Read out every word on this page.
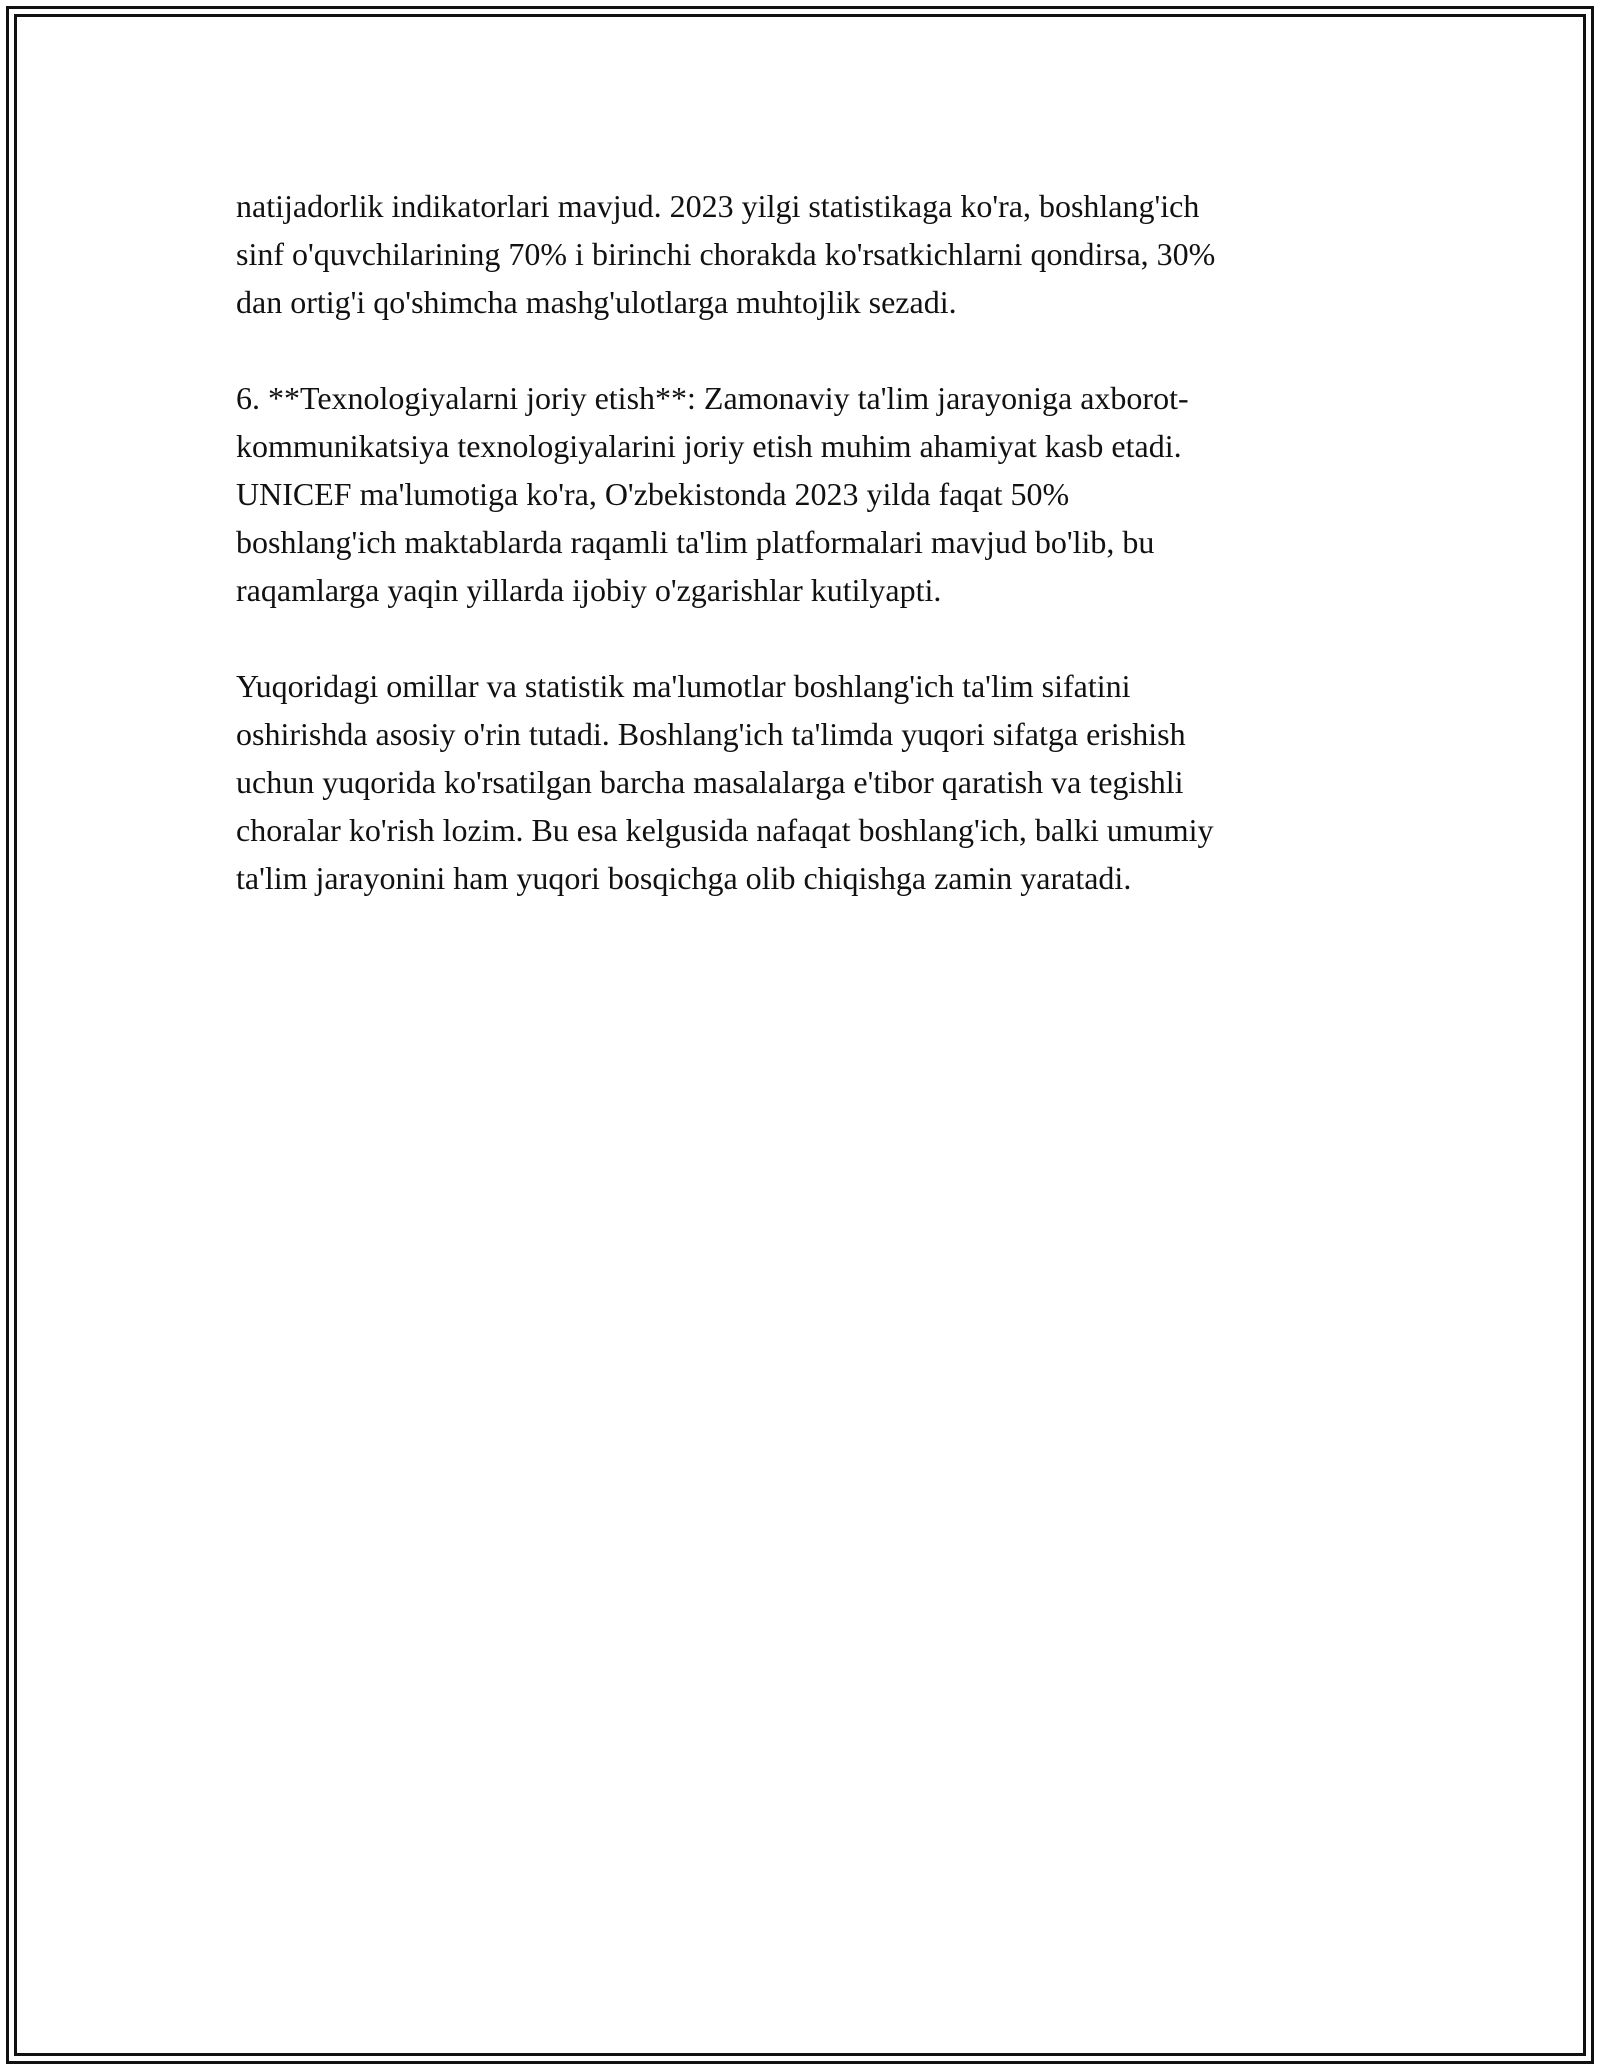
natijadorlik indikatorlari mavjud. 2023 yilgi statistikaga ko'ra, boshlang'ich
sinf o'quvchilarining 70% i birinchi chorakda ko'rsatkichlarni qondirsa, 30%
dan ortig'i qo'shimcha mashg'ulotlarga muhtojlik sezadi.
6. **Texnologiyalarni joriy etish**: Zamonaviy ta'lim jarayoniga axborot-
kommunikatsiya texnologiyalarini joriy etish muhim ahamiyat kasb etadi.
UNICEF ma'lumotiga ko'ra, O'zbekistonda 2023 yilda faqat 50%
boshlang'ich maktablarda raqamli ta'lim platformalari mavjud bo'lib, bu
raqamlarga yaqin yillarda ijobiy o'zgarishlar kutilyapti.
Yuqoridagi omillar va statistik ma'lumotlar boshlang'ich ta'lim sifatini
oshirishda asosiy o'rin tutadi. Boshlang'ich ta'limda yuqori sifatga erishish
uchun yuqorida ko'rsatilgan barcha masalalarga e'tibor qaratish va tegishli
choralar ko'rish lozim. Bu esa kelgusida nafaqat boshlang'ich, balki umumiy
ta'lim jarayonini ham yuqori bosqichga olib chiqishga zamin yaratadi.
